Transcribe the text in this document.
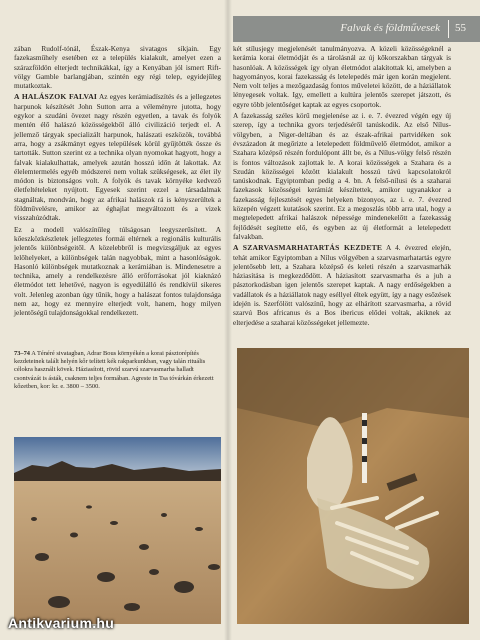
Falvak és földművesek 55

zában Rudolf-tónál, Észak-Kenya sivatagos síkjain. Egy fazekasműhely esetében ez a település kialakult, amelyet ezen a szárazföldön elterjedt technikákkal, így a Kenyában jól ismert Rift-völgy Gamble barlangjában, szintén egy régi telep, egyidejűleg mutatkoztak.

A HALÁSZOK FALVAI Az egyes kerámiadíszítés és a jellegzetes harpunok készítését John Sutton arra a véleményre jutotta, hogy egykor a szudáni övezet nagy részén egyetlen, a tavak és folyók mentén élő halászó közösségekből álló civilizáció terjedt el. A jellemző tárgyak specializált harpunok, halászati eszközök, továbbá arra, hogy a zsákmányt egyes települések körül gyűjtötték össze és tartották. Sutton szerint ez a technika olyan nyomokat hagyott, hogy a falvak kialakulhattak, amelyek azután hosszú időn át lakottak. Az élelemtermelés egyéb módszerei nem voltak szükségesek, az élet ily módon is biztonságos volt. A folyók és tavak környéke kedvező életfeltételeket nyújtott. Egyesek szerint ezzel a társadalmak stagnáltak, mondván, hogy az afrikai halászok rá is kényszerültek a földművelésre, amikor az éghajlat megváltozott és a vizek visszahúzódtak.

Ez a modell valószínűleg túlságosan leegyszerűsített. A kőeszközkészletek jellegzetes formái eltérnek a regionális kulturális jelentős különbségeitől. A közelebbről is megvizsgáljuk az egyes lelőhelyeket, a különbségek talán nagyobbak, mint a hasonlóságok. Hasonló különbségek mutatkoznak a kerámiában is. Mindenesetre a technika, amely a rendelkezésre álló erőforrásokat jól kiaknázó életmódot tett lehetővé, nagyon is egyedülálló és rendkívül sikeres volt. Jelenleg azonban úgy tűnik, hogy a halászat fontos tulajdonsága nem az, hogy ez mennyire elterjedt volt, hanem, hogy milyen jelentőségű tulajdonságokkal rendelkezett.

73–74 A Ténéré sivatagban, Adrar Bous környékén a korai pásztorépítés kezdeteinek talált helyén kőr telített kék rakparkunkban, vagy talán rituális célokra használt kövek. Háziasított, rövid szarvú szarvasmarha halladt csontvázát is ásták, csaknem teljes formában. Agreste in Tsa tóvárkán érkezett kőzetben, kor: kr. e. 3800 – 3500.

két stílusjegy megjelenését tanulmányozva. A közeli közösségeknél a kerámia korai életmódját és a tárolásnál az új kőkorszakban tárgyak is hasonlóak. A közösségek így olyan életmódot alakítottak ki, amelyben a hagyományos, korai fazekasság és letelepedés már igen korán megjelent. Nem volt teljes a mezőgazdaság fontos műveletei között, de a háziállatok lényegesek voltak. Igy, emellett a kultúra jelentős szerepet játszott, és egyre több jelentőséget kaptak az egyes csoportok.

A fazekasság széles körű megjelenése az i. e. 7. évezred végén egy új szerep, így a technika gyors terjedéséről tanúskodik. Az első Nílus-völgyben, a Niger-deltában és az észak-afrikai partvidéken sok évszázadon át megőrizte a letelepedett földművelő életmódot, amikor a Szahara középső részén fordulópont állt be, és a Nílus-völgy felső részén is fontos változások zajlottak le. A korai közösségek a Szahara és a Szudán közösségei között kialakult hosszú távú kapcsolatokról tanúskodnak. Egyiptomban pedig a 4. bn. A felső-nílusi és a szaharai fazekasok közösségei kerámiát készítettek, amikor ugyanakkor a fazekasság fejlesztését egyes helyeken bizonyos, az i. e. 7. évezred közepén végzett kutatások szerint. Ez a megoszlás több arra utal, hogy a megtelepedett afrikai halászok népessége mindenekelőtt a fazekasság fejlődését segítette elő, és egyben az új életformát a letelepedett falvakban.

A SZARVASMARHATARTÁS KEZDETE A 4. évezred elején, tehát amikor Egyiptomban a Nílus völgyében a szarvasmarhatartás egyre jelentősebb lett, a Szahara középső és keleti részén a szarvasmarhák háziasítása is megkezdődött. A háziasított szarvasmarha és a juh a pásztorkodásban igen jelentős szerepet kaptak. A nagy erdőségekben a vadállatok és a háziállatok nagy eséllyel éltek együtt, így a nagy esőzések idején is. Szerfölött valószínű, hogy az elhárított szarvasmarha, a rövid szarvú Bos africanus és a Bos ibericus elődei voltak, akiknek az elterjedése a szaharai közösségeket jellemezte.

Antikvarium.hu
